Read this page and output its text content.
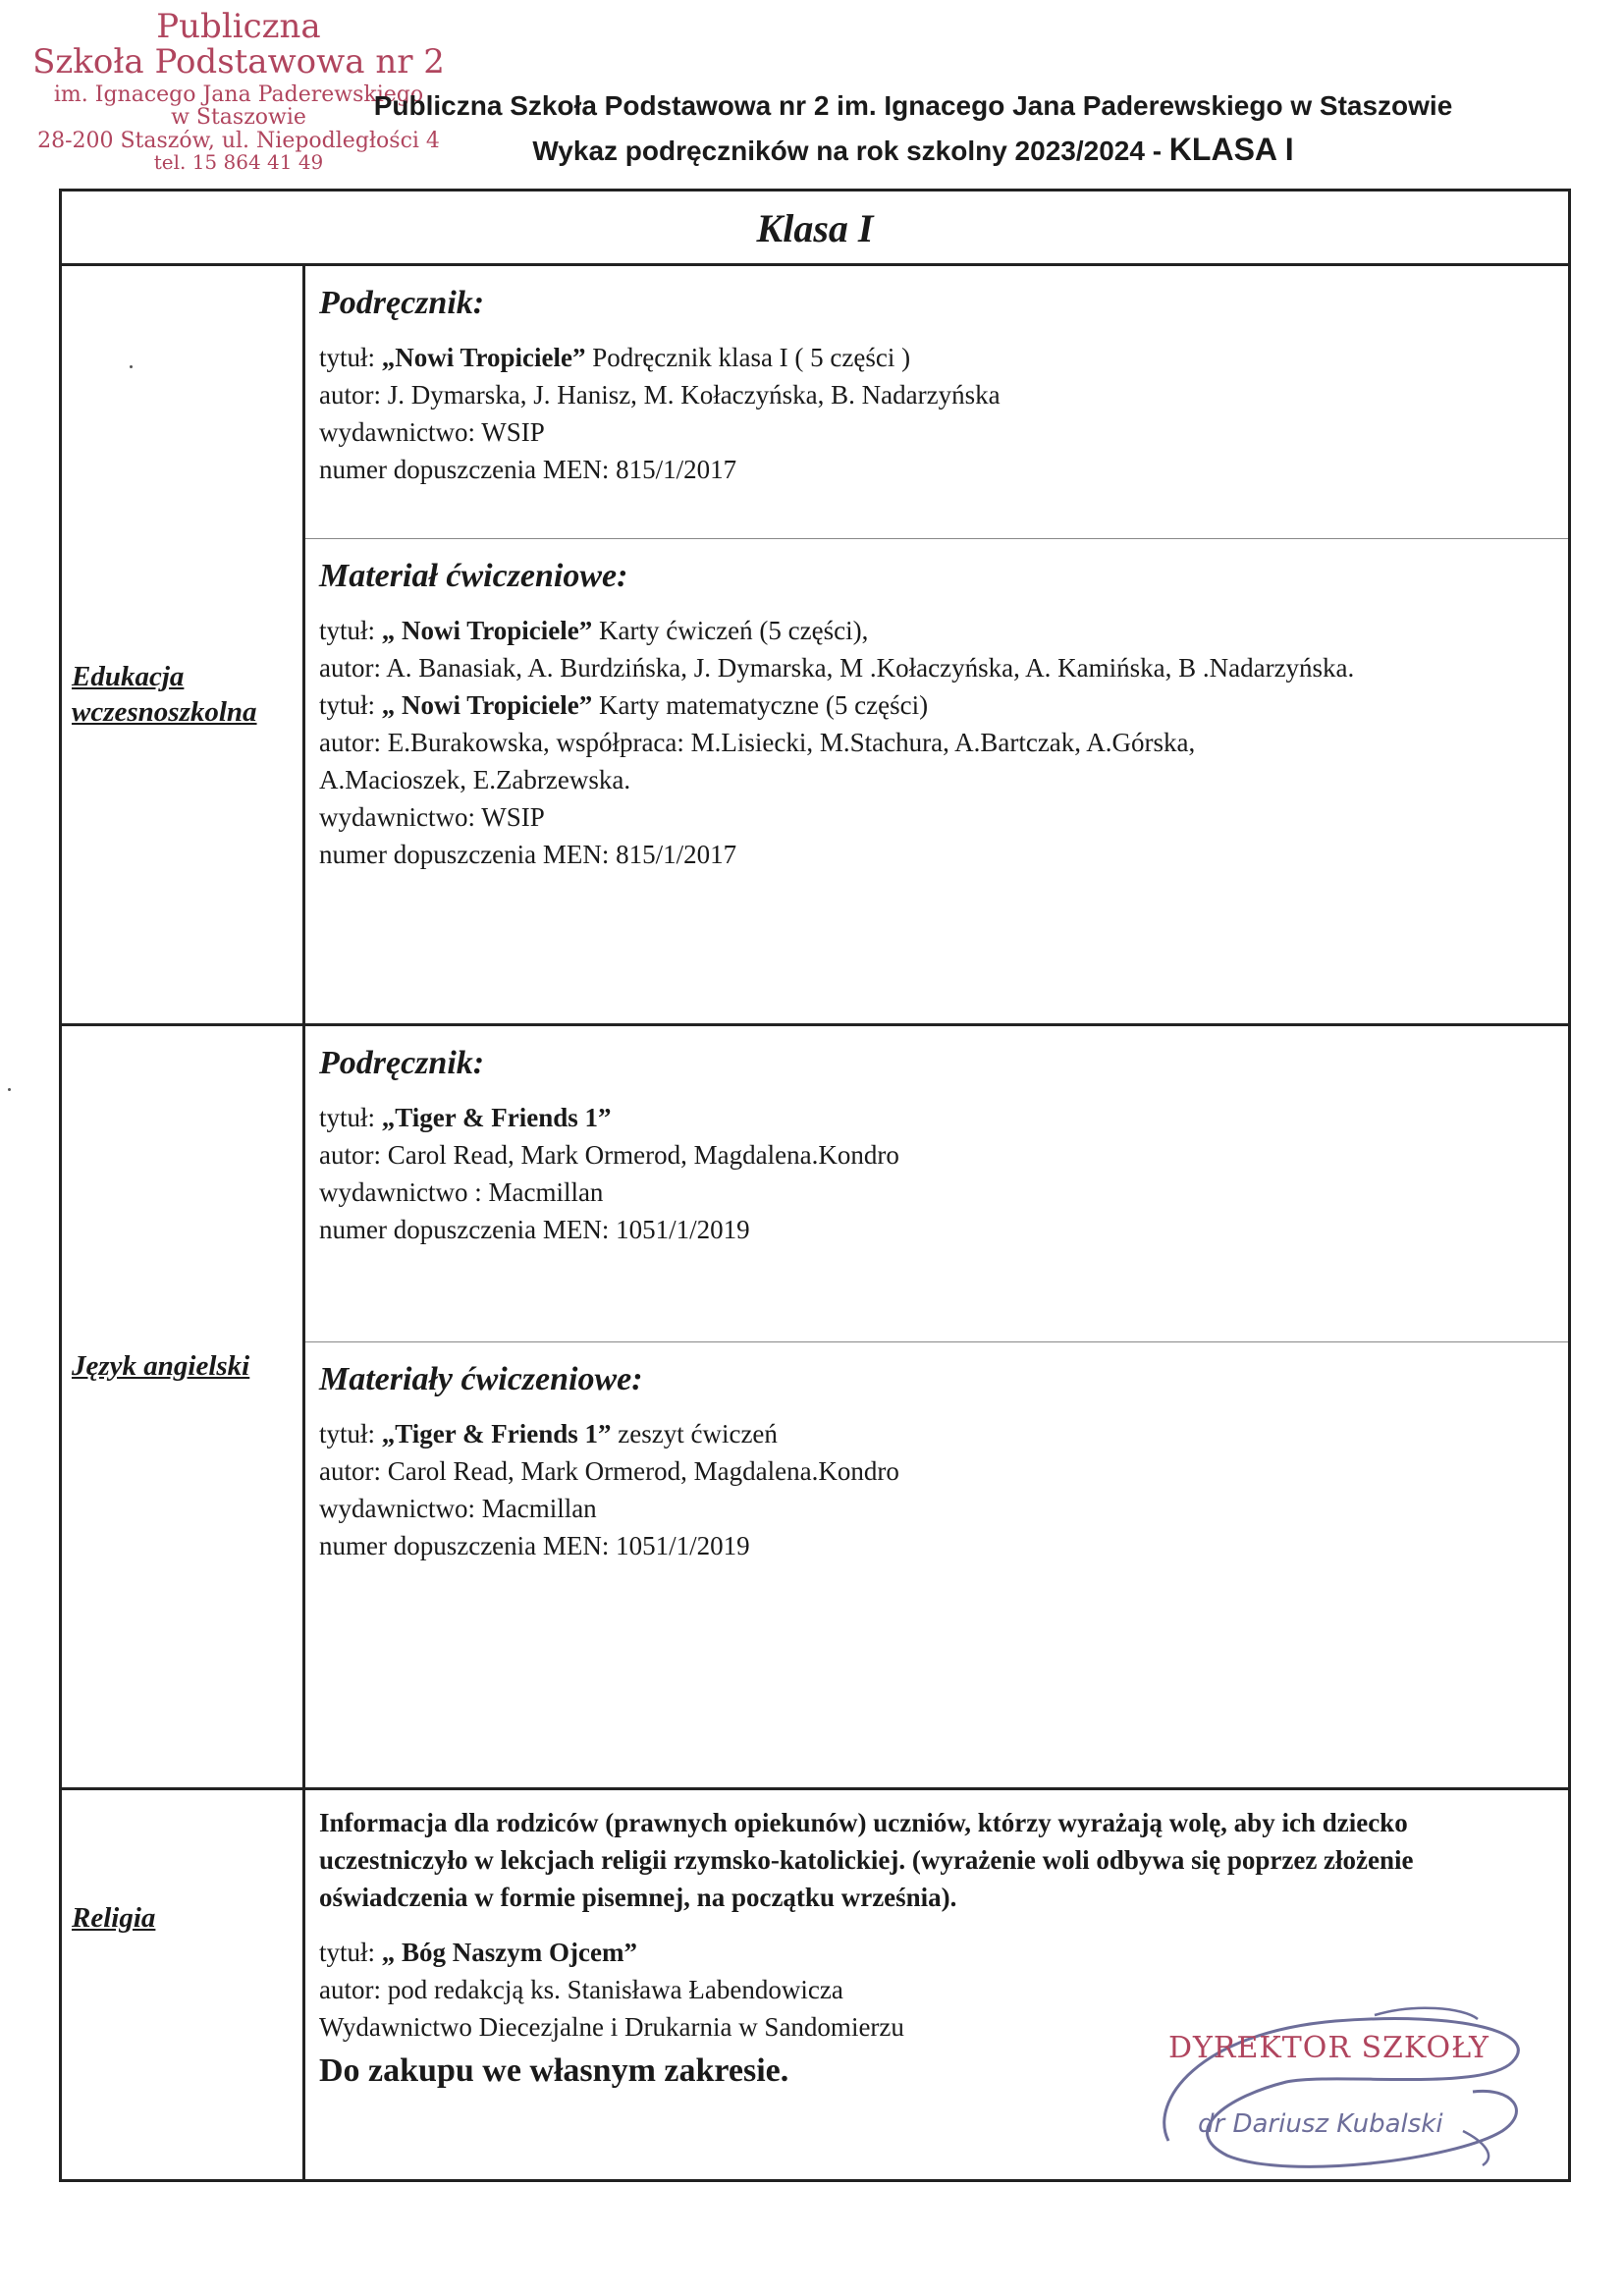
Publiczna
Szkoła Podstawowa nr 2
im. Ignacego Jana Paderewskiego
w Staszowie
28-200 Staszów, ul. Niepodległości 4
tel. 15 864 41 49
Publiczna Szkoła Podstawowa nr 2 im. Ignacego Jana Paderewskiego w Staszowie
Wykaz podręczników na rok szkolny 2023/2024 - KLASA I
Klasa I
Edukacja wczesnoszkolna
Podręcznik:
tytuł: „Nowi Tropiciele” Podręcznik klasa I ( 5 części )
autor: J. Dymarska, J. Hanisz, M. Kołaczyńska, B. Nadarzyńska
wydawnictwo: WSIP
numer dopuszczenia MEN: 815/1/2017
Materiał ćwiczeniowe:
tytuł: „ Nowi Tropiciele” Karty ćwiczeń (5 części),
autor: A. Banasiak, A. Burdzińska, J. Dymarska, M .Kołaczyńska, A. Kamińska, B .Nadarzyńska.
tytuł: „ Nowi Tropiciele” Karty matematyczne (5 części)
autor: E.Burakowska, współpraca: M.Lisiecki, M.Stachura, A.Bartczak, A.Górska,
A.Macioszek, E.Zabrzewska.
wydawnictwo: WSIP
numer dopuszczenia MEN: 815/1/2017
Język angielski
Podręcznik:
tytuł: „Tiger & Friends 1”
autor: Carol Read, Mark Ormerod, Magdalena.Kondro
wydawnictwo : Macmillan
numer dopuszczenia MEN: 1051/1/2019
Materiały ćwiczeniowe:
tytuł: „Tiger & Friends 1” zeszyt ćwiczeń
autor: Carol Read, Mark Ormerod, Magdalena.Kondro
wydawnictwo: Macmillan
numer dopuszczenia MEN: 1051/1/2019
Religia
Informacja dla rodziców (prawnych opiekunów) uczniów, którzy wyrażają wolę, aby ich dziecko uczestniczyło w lekcjach religii rzymsko-katolickiej. (wyrażenie woli odbywa się poprzez złożenie oświadczenia w formie pisemnej, na początku września).
tytuł: „ Bóg Naszym Ojcem”
autor: pod redakcją ks. Stanisława Łabendowicza
Wydawnictwo Diecezjalne i Drukarnia w Sandomierzu
Do zakupu we własnym zakresie.
DYREKTOR SZKOŁY
dr Dariusz Kubalski
